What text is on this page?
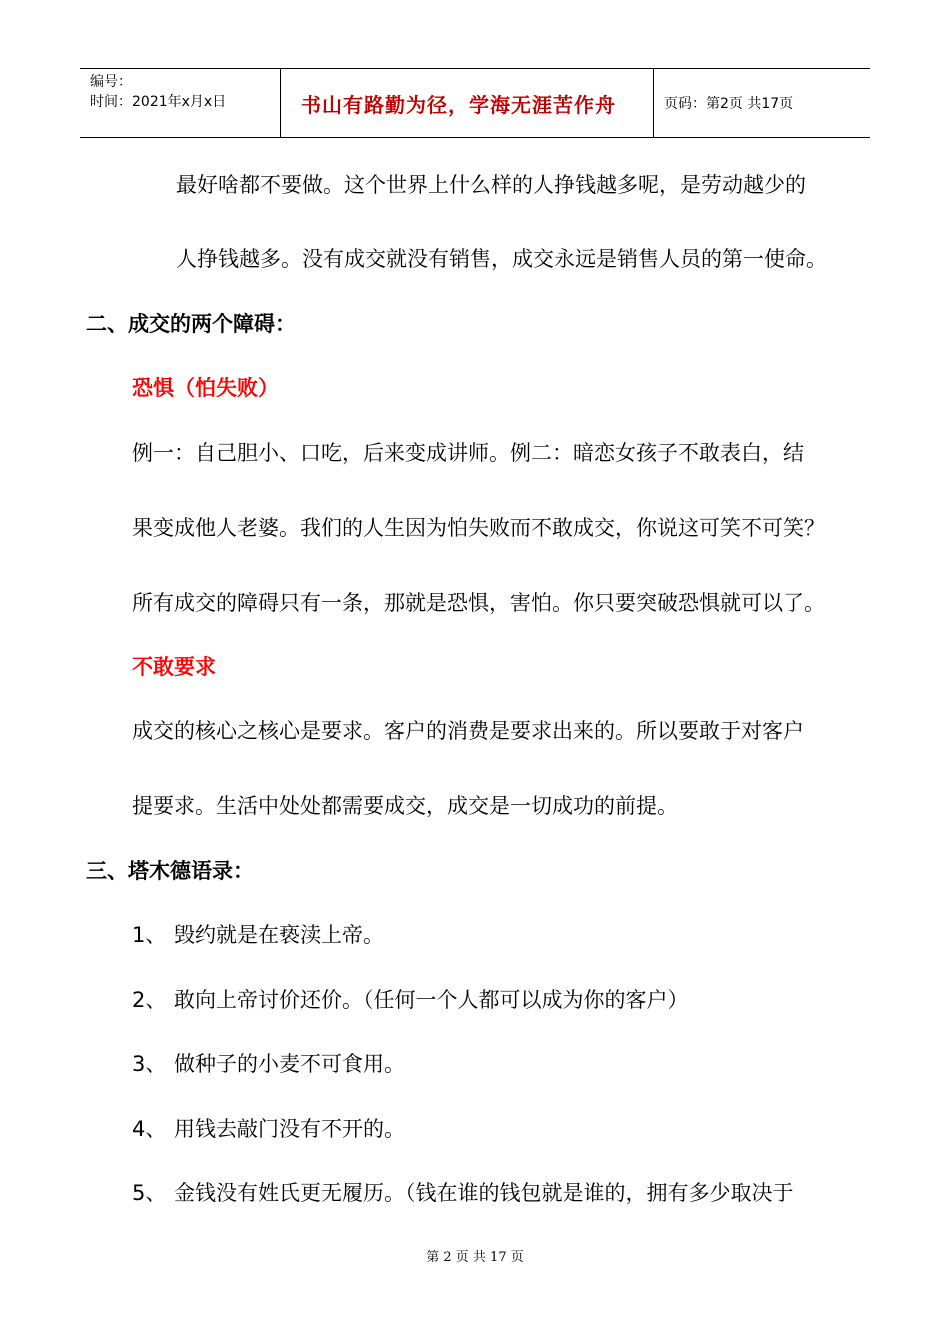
编号：
时间：2021年x月x日	书山有路勤为径，学海无涯苦作舟	页码：第2页 共17页
最好啥都不要做。这个世界上什么样的人挣钱越多呢，是劳动越少的
人挣钱越多。没有成交就没有销售，成交永远是销售人员的第一使命。
二、成交的两个障碍：
恐惧（怕失败）
例一：自己胆小、口吃，后来变成讲师。例二：暗恋女孩子不敢表白，结
果变成他人老婆。我们的人生因为怕失败而不敢成交，你说这可笑不可笑？
所有成交的障碍只有一条，那就是恐惧，害怕。你只要突破恐惧就可以了。
不敢要求
成交的核心之核心是要求。客户的消费是要求出来的。所以要敢于对客户
提要求。生活中处处都需要成交，成交是一切成功的前提。
三、塔木德语录：
1、 毁约就是在亵渎上帝。
2、 敢向上帝讨价还价。（任何一个人都可以成为你的客户）
3、 做种子的小麦不可食用。
4、 用钱去敲门没有不开的。
5、 金钱没有姓氏更无履历。（钱在谁的钱包就是谁的，拥有多少取决于
第 2 页 共 17 页
